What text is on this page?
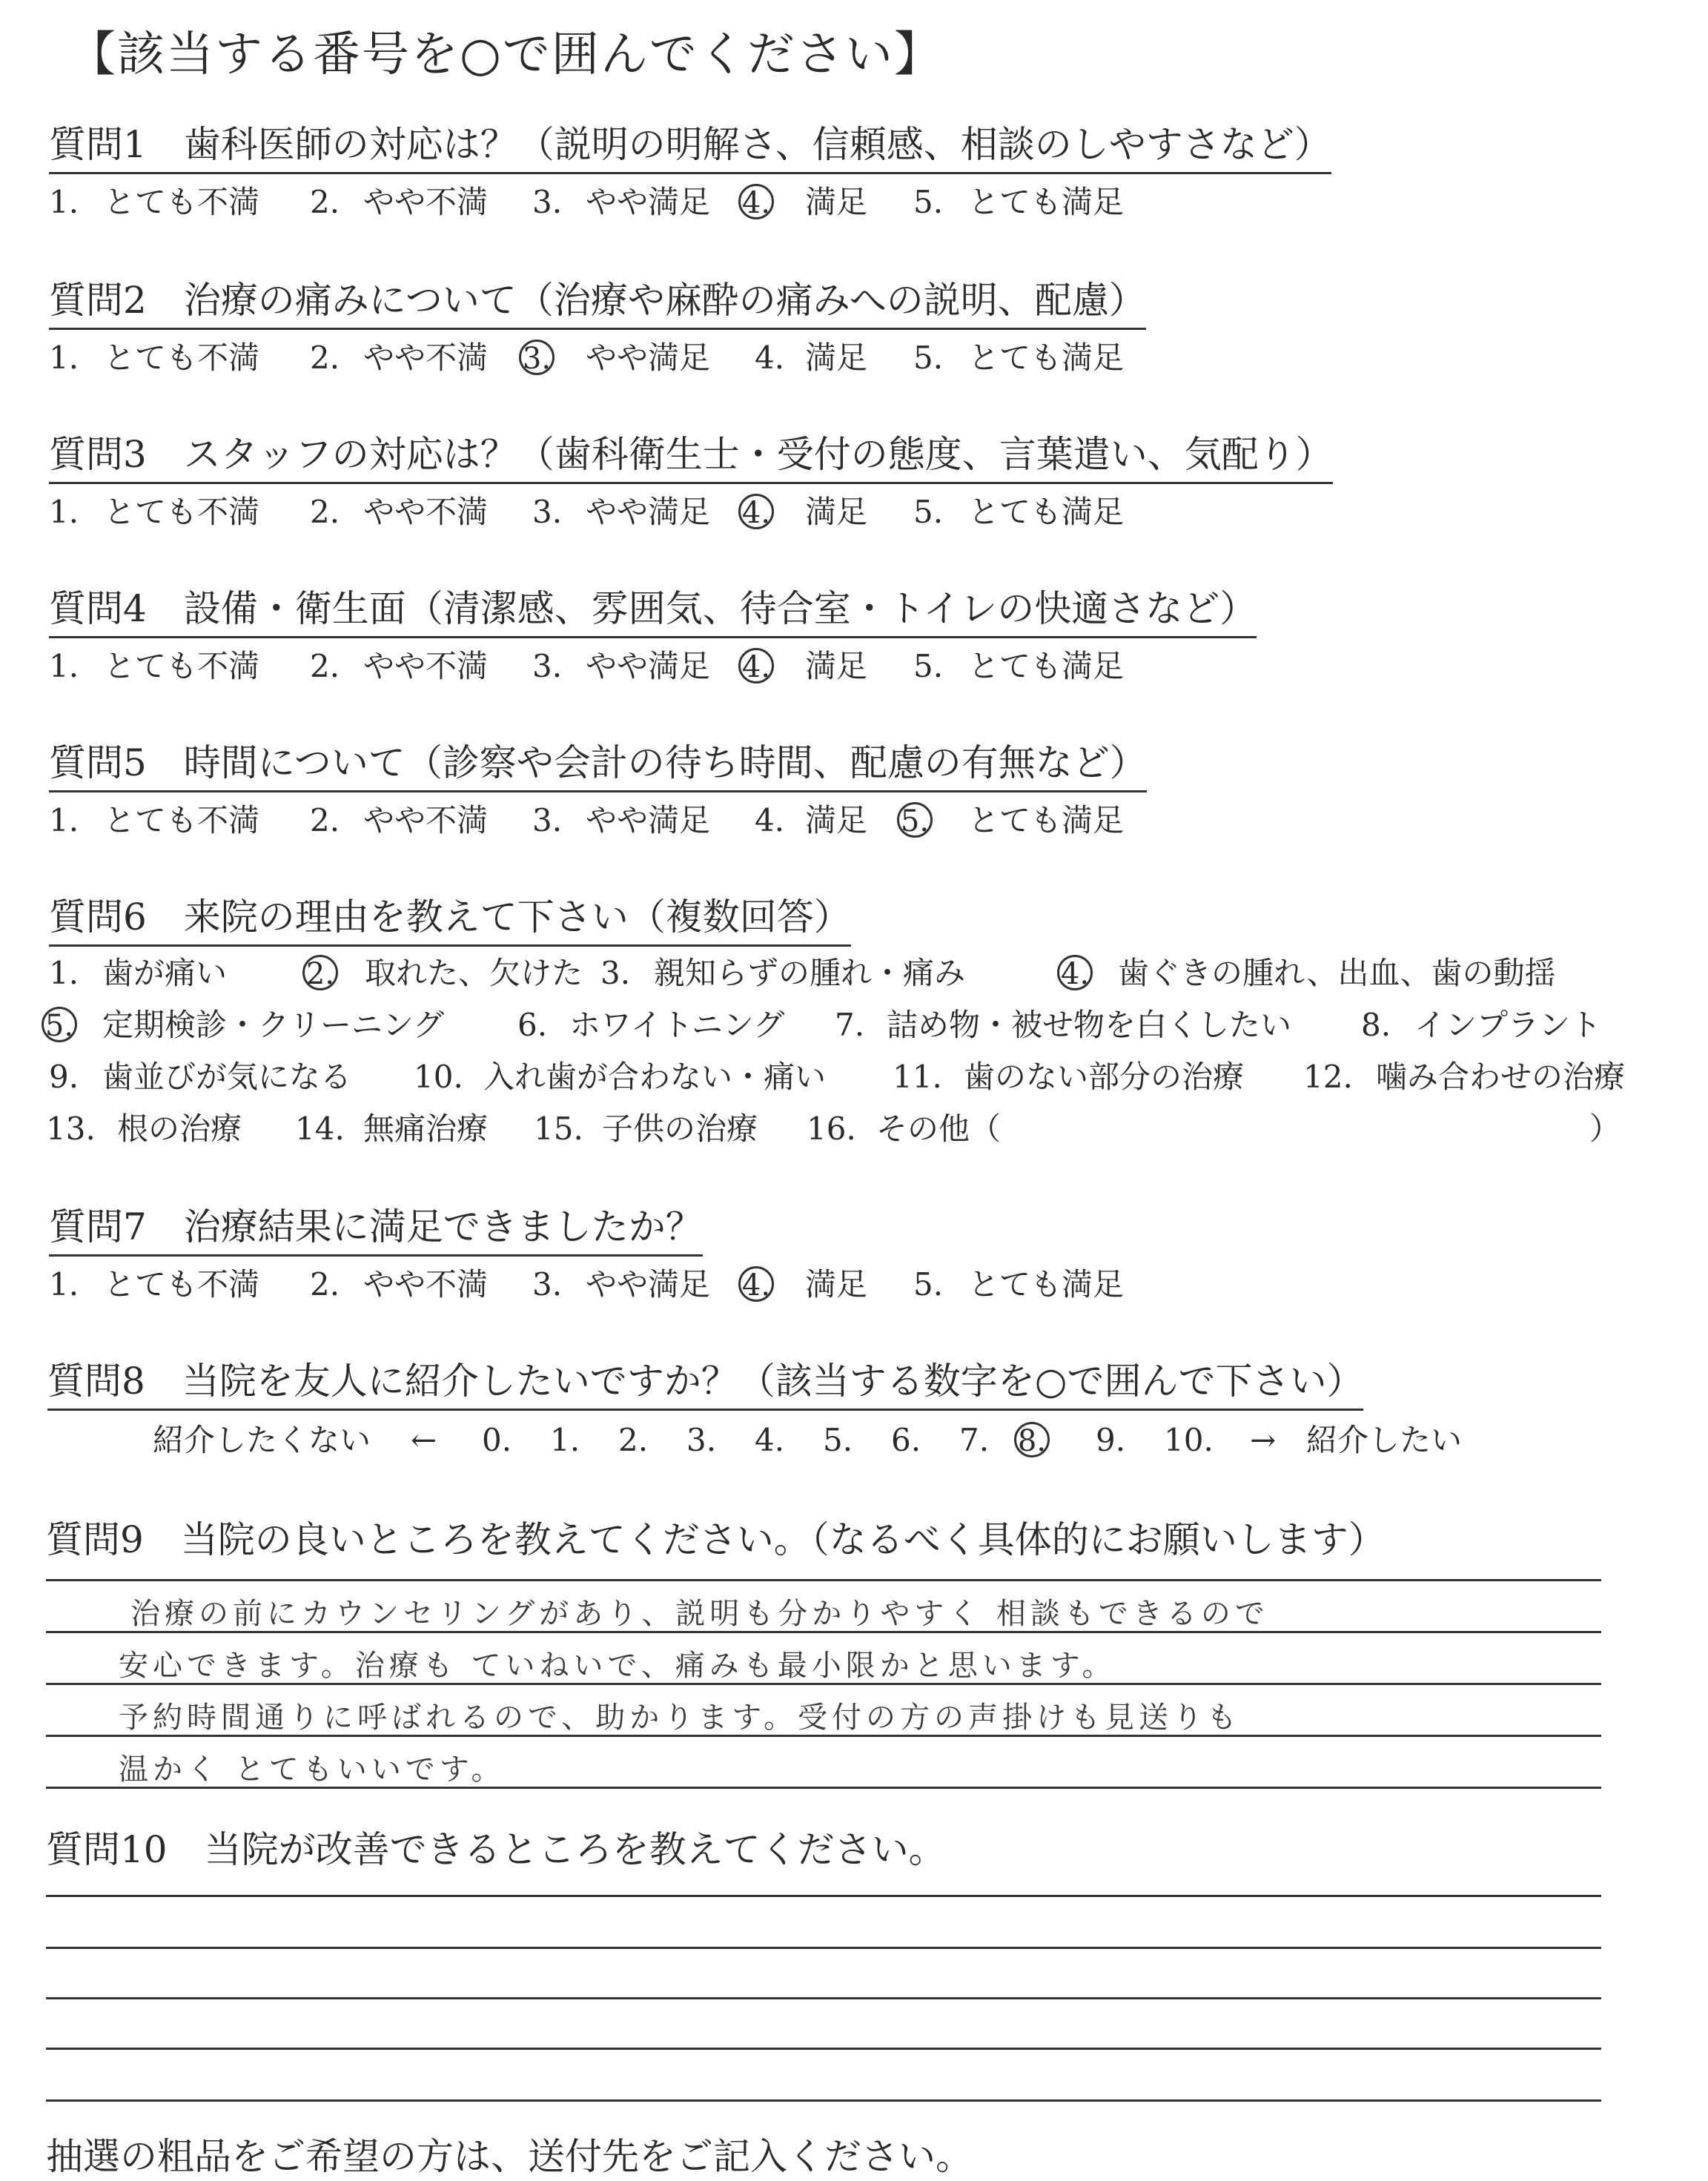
【該当する番号を○で囲んでください】
質問1　歯科医師の対応は？（説明の明解さ、信頼感、相談のしやすさなど）
1. とても不満 2. やや不満 3. やや満足 4. 満足 5. とても満足
質問2　治療の痛みについて（治療や麻酔の痛みへの説明、配慮）
1. とても不満 2. やや不満 3. やや満足 4. 満足 5. とても満足
質問3　スタッフの対応は？（歯科衛生士・受付の態度、言葉遣い、気配り）
1. とても不満 2. やや不満 3. やや満足 4. 満足 5. とても満足
質問4　設備・衛生面（清潔感、雰囲気、待合室・トイレの快適さなど）
1. とても不満 2. やや不満 3. やや満足 4. 満足 5. とても満足
質問5　時間について（診察や会計の待ち時間、配慮の有無など）
1. とても不満 2. やや不満 3. やや満足 4. 満足 5. とても満足
質問6　来院の理由を教えて下さい（複数回答）
1. 歯が痛い	2. 取れた、欠けた 3. 親知らずの腫れ・痛み	4. 歯ぐきの腫れ、出血、歯の動揺
5. 定期検診・クリーニング 6. ホワイトニング 7. 詰め物・被せ物を白くしたい 8. インプラント
9. 歯並びが気になる 10. 入れ歯が合わない・痛い 11. 歯のない部分の治療 12. 噛み合わせの治療
13. 根の治療 14. 無痛治療 15. 子供の治療 16. その他（	）
質問7　治療結果に満足できましたか？
1. とても不満 2. やや不満 3. やや満足 4. 満足 5. とても満足
質問8　当院を友人に紹介したいですか？（該当する数字を○で囲んで下さい）
紹介したくない ← 0. 1. 2. 3. 4. 5. 6. 7. 8. 9. 10. → 紹介したい
質問9　当院の良いところを教えてください。（なるべく具体的にお願いします）
治療の前にカウンセリングがあり、説明も分かりやすく 相談もできるので
安心できます。治療も ていねいで、痛みも最小限かと思います。
予約時間通りに呼ばれるので、助かります。受付の方の声掛けも見送りも
温かく とてもいいです。
質問10　当院が改善できるところを教えてください。
抽選の粗品をご希望の方は、送付先をご記入ください。
